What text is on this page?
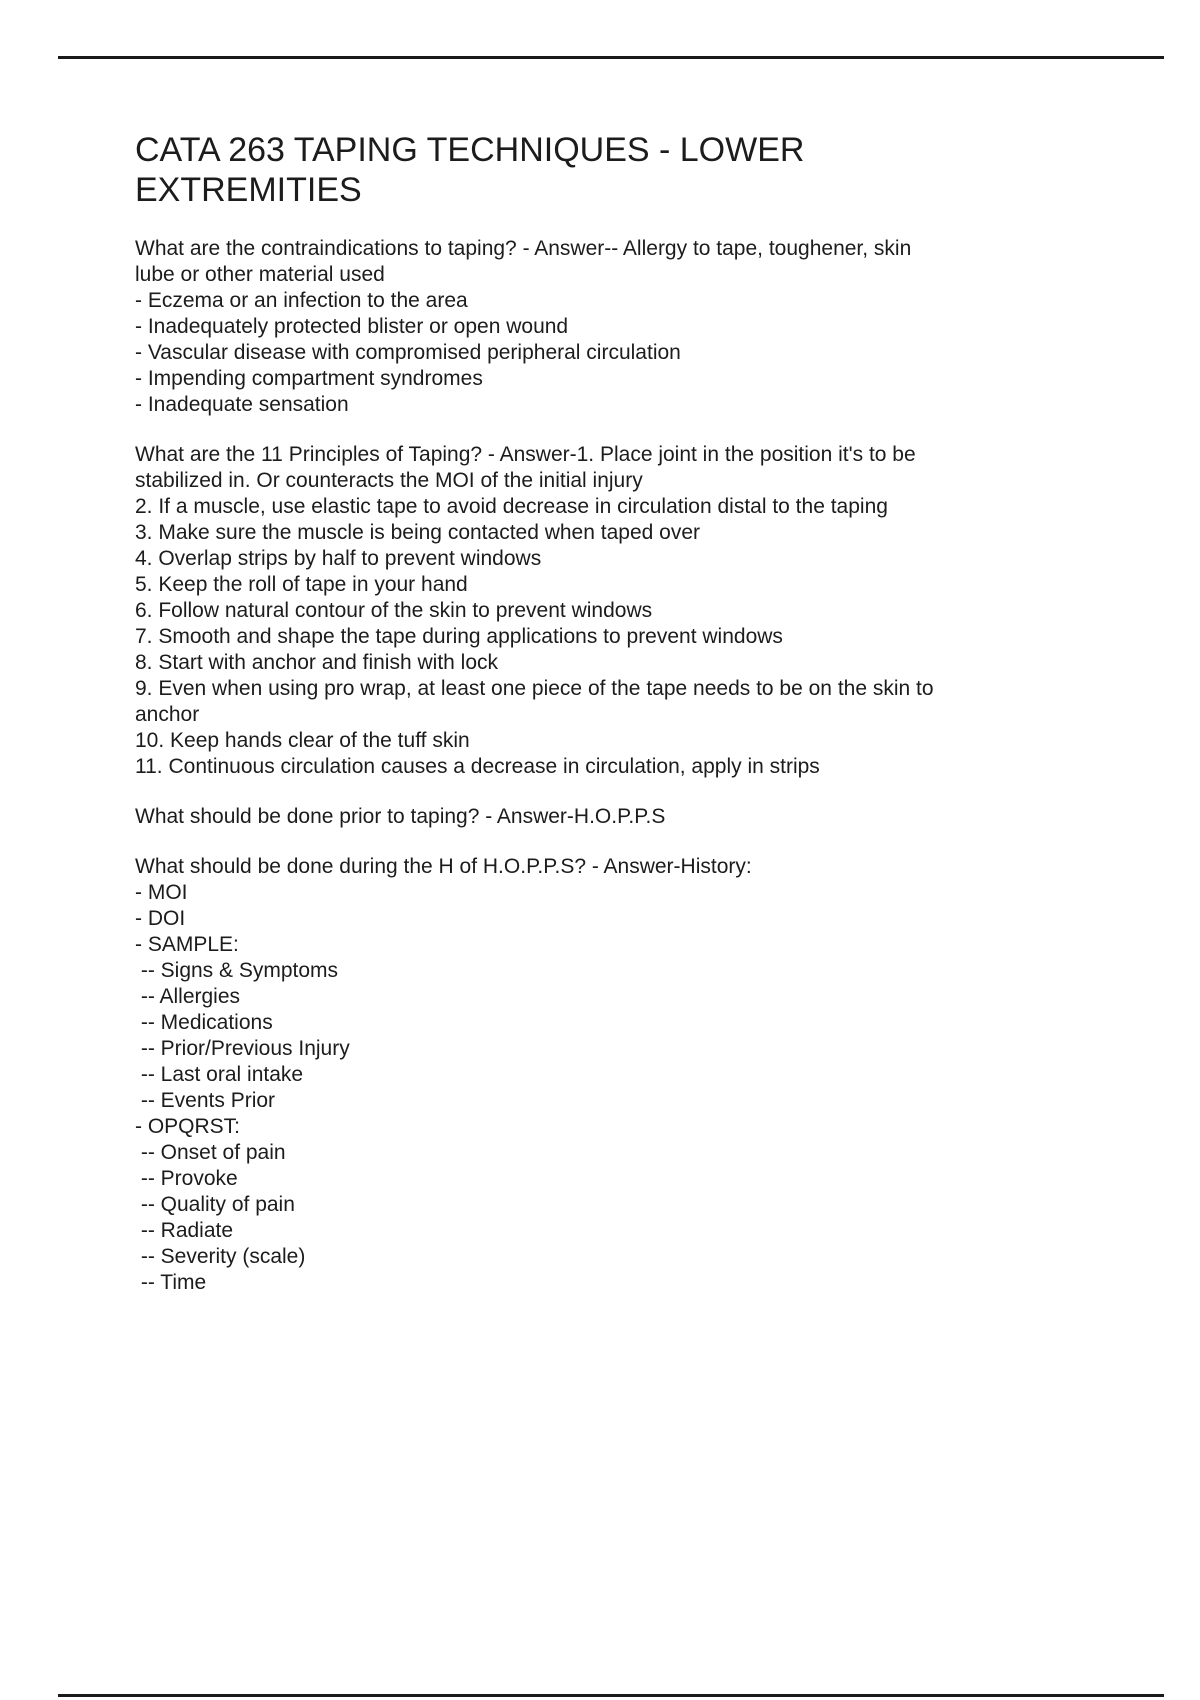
CATA 263 TAPING TECHNIQUES - LOWER EXTREMITIES
What are the contraindications to taping? - Answer-- Allergy to tape, toughener, skin
lube or other material used
- Eczema or an infection to the area
- Inadequately protected blister or open wound
- Vascular disease with compromised peripheral circulation
- Impending compartment syndromes
- Inadequate sensation
What are the 11 Principles of Taping? - Answer-1. Place joint in the position it's to be
stabilized in. Or counteracts the MOI of the initial injury
2. If a muscle, use elastic tape to avoid decrease in circulation distal to the taping
3. Make sure the muscle is being contacted when taped over
4. Overlap strips by half to prevent windows
5. Keep the roll of tape in your hand
6. Follow natural contour of the skin to prevent windows
7. Smooth and shape the tape during applications to prevent windows
8. Start with anchor and finish with lock
9. Even when using pro wrap, at least one piece of the tape needs to be on the skin to
anchor
10. Keep hands clear of the tuff skin
11. Continuous circulation causes a decrease in circulation, apply in strips
What should be done prior to taping? - Answer-H.O.P.P.S
What should be done during the H of H.O.P.P.S? - Answer-History:
- MOI
- DOI
- SAMPLE:
-- Signs & Symptoms
-- Allergies
-- Medications
-- Prior/Previous Injury
-- Last oral intake
-- Events Prior
- OPQRST:
-- Onset of pain
-- Provoke
-- Quality of pain
-- Radiate
-- Severity (scale)
-- Time
